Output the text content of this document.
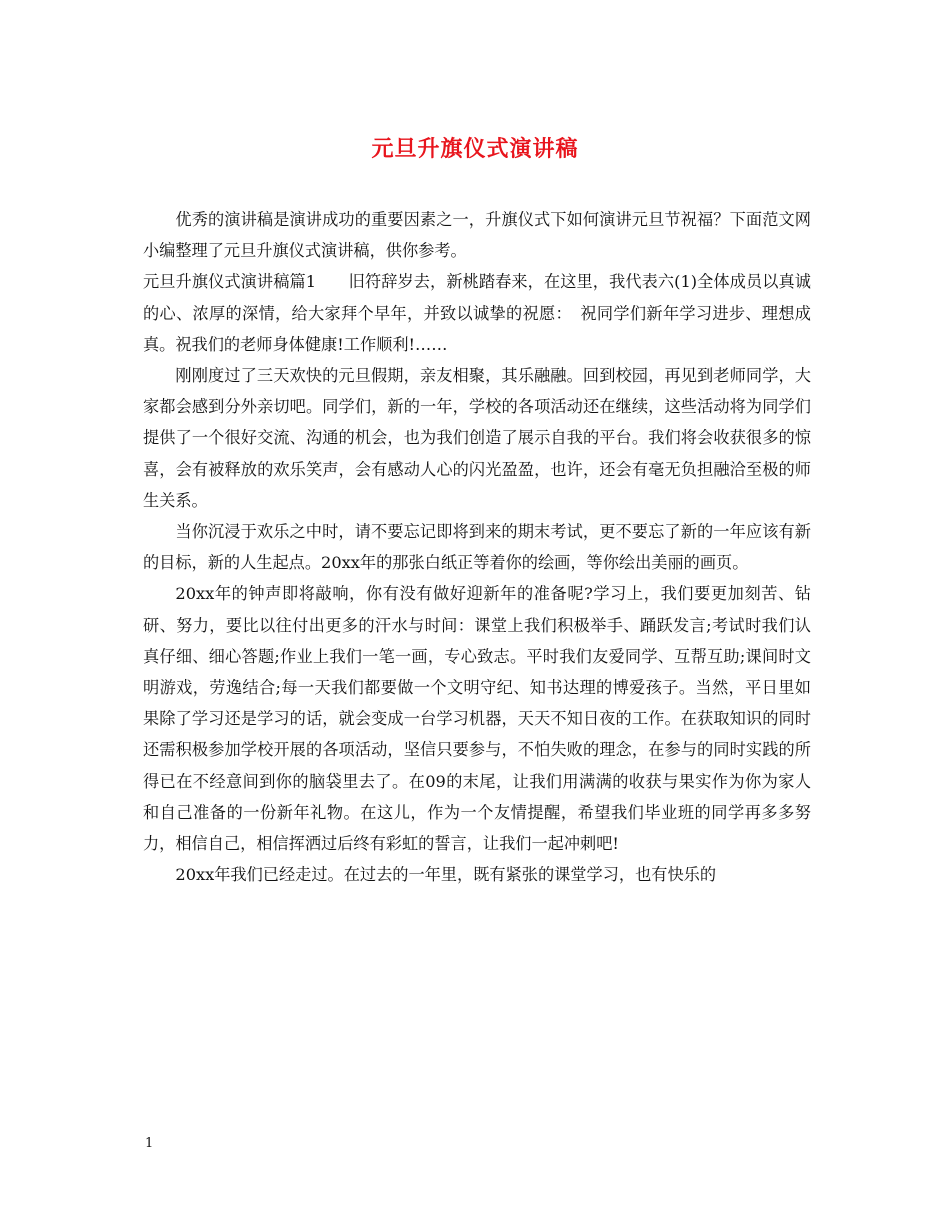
元旦升旗仪式演讲稿

优秀的演讲稿是演讲成功的重要因素之一，升旗仪式下如何演讲元旦节祝福？下面范文网小编整理了元旦升旗仪式演讲稿，供你参考。

元旦升旗仪式演讲稿篇1　　旧符辞岁去，新桃踏春来，在这里，我代表六(1)全体成员以真诚的心、浓厚的深情，给大家拜个早年，并致以诚挚的祝愿：　祝同学们新年学习进步、理想成真。祝我们的老师身体健康!工作顺利!……

刚刚度过了三天欢快的元旦假期，亲友相聚，其乐融融。回到校园，再见到老师同学，大家都会感到分外亲切吧。同学们，新的一年，学校的各项活动还在继续，这些活动将为同学们提供了一个很好交流、沟通的机会，也为我们创造了展示自我的平台。我们将会收获很多的惊喜，会有被释放的欢乐笑声，会有感动人心的闪光盈盈，也许，还会有毫无负担融洽至极的师生关系。

当你沉浸于欢乐之中时，请不要忘记即将到来的期末考试，更不要忘了新的一年应该有新的目标，新的人生起点。20xx年的那张白纸正等着你的绘画，等你绘出美丽的画页。

20xx年的钟声即将敲响，你有没有做好迎新年的准备呢?学习上，我们要更加刻苦、钻研、努力，要比以往付出更多的汗水与时间：课堂上我们积极举手、踊跃发言;考试时我们认真仔细、细心答题;作业上我们一笔一画，专心致志。平时我们友爱同学、互帮互助;课间时文明游戏，劳逸结合;每一天我们都要做一个文明守纪、知书达理的博爱孩子。当然，平日里如果除了学习还是学习的话，就会变成一台学习机器，天天不知日夜的工作。在获取知识的同时还需积极参加学校开展的各项活动，坚信只要参与，不怕失败的理念，在参与的同时实践的所得已在不经意间到你的脑袋里去了。在09的末尾，让我们用满满的收获与果实作为你为家人和自己准备的一份新年礼物。在这儿，作为一个友情提醒，希望我们毕业班的同学再多多努力，相信自己，相信挥洒过后终有彩虹的誓言，让我们一起冲刺吧!

20xx年我们已经走过。在过去的一年里，既有紧张的课堂学习，也有快乐的

1
